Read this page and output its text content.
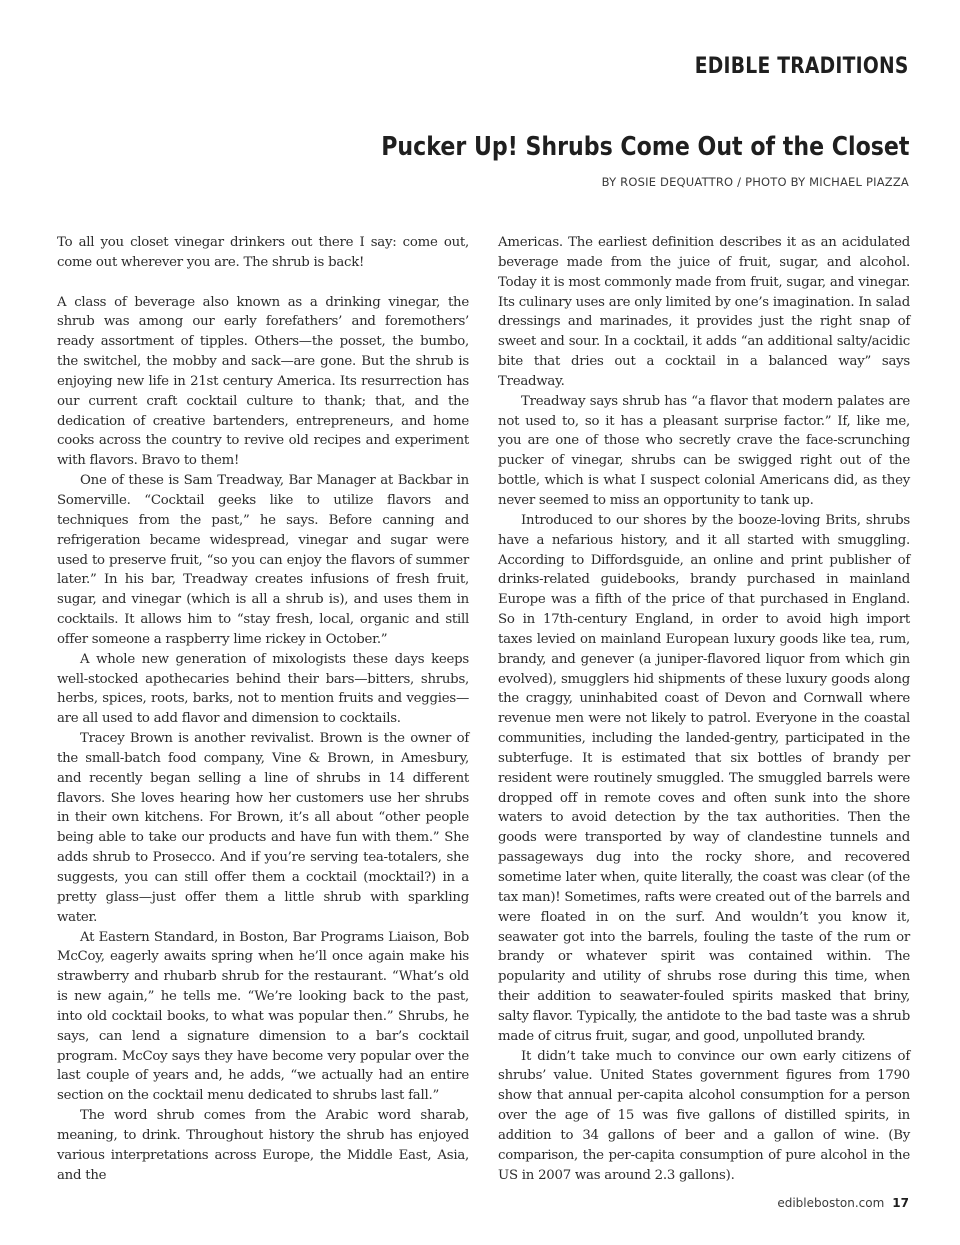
EDIBLE TRADITIONS
Pucker Up! Shrubs Come Out of the Closet
BY ROSIE DEQUATTRO / PHOTO BY MICHAEL PIAZZA

To all you closet vinegar drinkers out there I say: come out, come out wherever you are. The shrub is back!

A class of beverage also known as a drinking vinegar, the shrub was among our early forefathers’ and foremothers’ ready assortment of tipples. Others—the posset, the bumbo, the switchel, the mobby and sack—are gone. But the shrub is enjoying new life in 21st century America. Its resurrection has our current craft cocktail culture to thank; that, and the dedication of creative bartenders, entrepreneurs, and home cooks across the country to revive old recipes and experiment with flavors. Bravo to them!

One of these is Sam Treadway, Bar Manager at Backbar in Somerville. “Cocktail geeks like to utilize flavors and techniques from the past,” he says. Before canning and refrigeration became widespread, vinegar and sugar were used to preserve fruit, “so you can enjoy the flavors of summer later.” In his bar, Treadway creates infusions of fresh fruit, sugar, and vinegar (which is all a shrub is), and uses them in cocktails. It allows him to “stay fresh, local, organic and still offer someone a raspberry lime rickey in October.”

A whole new generation of mixologists these days keeps well-stocked apothecaries behind their bars—bitters, shrubs, herbs, spices, roots, barks, not to mention fruits and veggies—are all used to add flavor and dimension to cocktails.

Tracey Brown is another revivalist. Brown is the owner of the small-batch food company, Vine & Brown, in Amesbury, and recently began selling a line of shrubs in 14 different flavors. She loves hearing how her customers use her shrubs in their own kitchens. For Brown, it’s all about “other people being able to take our products and have fun with them.” She adds shrub to Prosecco. And if you’re serving tea-totalers, she suggests, you can still offer them a cocktail (mocktail?) in a pretty glass—just offer them a little shrub with sparkling water.

At Eastern Standard, in Boston, Bar Programs Liaison, Bob McCoy, eagerly awaits spring when he’ll once again make his strawberry and rhubarb shrub for the restaurant. “What’s old is new again,” he tells me. “We’re looking back to the past, into old cocktail books, to what was popular then.” Shrubs, he says, can lend a signature dimension to a bar’s cocktail program. McCoy says they have become very popular over the last couple of years and, he adds, “we actually had an entire section on the cocktail menu dedicated to shrubs last fall.”

The word shrub comes from the Arabic word sharab, meaning, to drink. Throughout history the shrub has enjoyed various interpretations across Europe, the Middle East, Asia, and the

Americas. The earliest definition describes it as an acidulated beverage made from the juice of fruit, sugar, and alcohol. Today it is most commonly made from fruit, sugar, and vinegar. Its culinary uses are only limited by one’s imagination. In salad dressings and marinades, it provides just the right snap of sweet and sour. In a cocktail, it adds “an additional salty/acidic bite that dries out a cocktail in a balanced way” says Treadway.

Treadway says shrub has “a flavor that modern palates are not used to, so it has a pleasant surprise factor.” If, like me, you are one of those who secretly crave the face-scrunching pucker of vinegar, shrubs can be swigged right out of the bottle, which is what I suspect colonial Americans did, as they never seemed to miss an opportunity to tank up.

Introduced to our shores by the booze-loving Brits, shrubs have a nefarious history, and it all started with smuggling. According to Diffordsguide, an online and print publisher of drinks-related guidebooks, brandy purchased in mainland Europe was a fifth of the price of that purchased in England. So in 17th-century England, in order to avoid high import taxes levied on mainland European luxury goods like tea, rum, brandy, and genever (a juniper-flavored liquor from which gin evolved), smugglers hid shipments of these luxury goods along the craggy, uninhabited coast of Devon and Cornwall where revenue men were not likely to patrol. Everyone in the coastal communities, including the landed-gentry, participated in the subterfuge. It is estimated that six bottles of brandy per resident were routinely smuggled. The smuggled barrels were dropped off in remote coves and often sunk into the shore waters to avoid detection by the tax authorities. Then the goods were transported by way of clandestine tunnels and passageways dug into the rocky shore, and recovered sometime later when, quite literally, the coast was clear (of the tax man)! Sometimes, rafts were created out of the barrels and were floated in on the surf. And wouldn’t you know it, seawater got into the barrels, fouling the taste of the rum or brandy or whatever spirit was contained within. The popularity and utility of shrubs rose during this time, when their addition to seawater-fouled spirits masked that briny, salty flavor. Typically, the antidote to the bad taste was a shrub made of citrus fruit, sugar, and good, unpolluted brandy.

It didn’t take much to convince our own early citizens of shrubs’ value. United States government figures from 1790 show that annual per-capita alcohol consumption for a person over the age of 15 was five gallons of distilled spirits, in addition to 34 gallons of beer and a gallon of wine. (By comparison, the per-capita consumption of pure alcohol in the US in 2007 was around 2.3 gallons).

edibleboston.com 17
